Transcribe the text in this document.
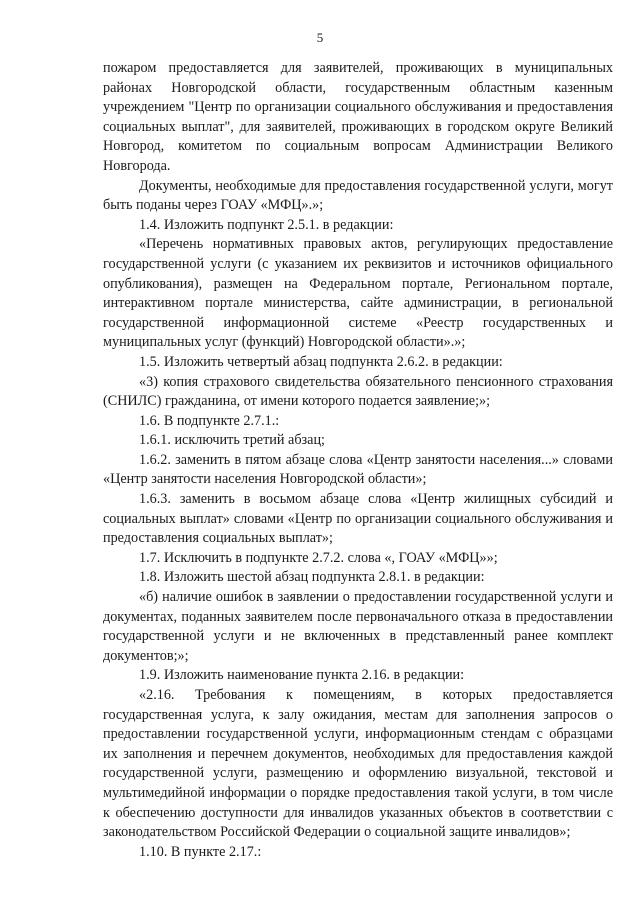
5

пожаром предоставляется для заявителей, проживающих в муниципальных районах Новгородской области, государственным областным казенным учреждением "Центр по организации социального обслуживания и предоставления социальных выплат", для заявителей, проживающих в городском округе Великий Новгород, комитетом по социальным вопросам Администрации Великого Новгорода.

Документы, необходимые для предоставления государственной услуги, могут быть поданы через ГОАУ «МФЦ».»;

1.4. Изложить подпункт 2.5.1. в редакции:

«Перечень нормативных правовых актов, регулирующих предоставление государственной услуги (с указанием их реквизитов и источников официального опубликования), размещен на Федеральном портале, Региональном портале, интерактивном портале министерства, сайте администрации, в региональной государственной информационной системе «Реестр государственных и муниципальных услуг (функций) Новгородской области».»;

1.5. Изложить четвертый абзац подпункта 2.6.2. в редакции:

«3) копия страхового свидетельства обязательного пенсионного страхования (СНИЛС) гражданина, от имени которого подается заявление;»;

1.6. В подпункте 2.7.1.:

1.6.1. исключить третий абзац;

1.6.2. заменить в пятом абзаце слова «Центр занятости населения...» словами «Центр занятости населения Новгородской области»;

1.6.3. заменить в восьмом абзаце слова «Центр жилищных субсидий и социальных выплат» словами «Центр по организации социального обслуживания и предоставления социальных выплат»;

1.7. Исключить в подпункте 2.7.2. слова «, ГОАУ «МФЦ»»;

1.8. Изложить шестой абзац подпункта 2.8.1. в редакции:

«б) наличие ошибок в заявлении о предоставлении государственной услуги и документах, поданных заявителем после первоначального отказа в предоставлении государственной услуги и не включенных в представленный ранее комплект документов;»;

1.9. Изложить наименование пункта 2.16. в редакции:

«2.16. Требования к помещениям, в которых предоставляется государственная услуга, к залу ожидания, местам для заполнения запросов о предоставлении государственной услуги, информационным стендам с образцами их заполнения и перечнем документов, необходимых для предоставления каждой государственной услуги, размещению и оформлению визуальной, текстовой и мультимедийной информации о порядке предоставления такой услуги, в том числе к обеспечению доступности для инвалидов указанных объектов в соответствии с законодательством Российской Федерации о социальной защите инвалидов»;

1.10. В пункте 2.17.:
